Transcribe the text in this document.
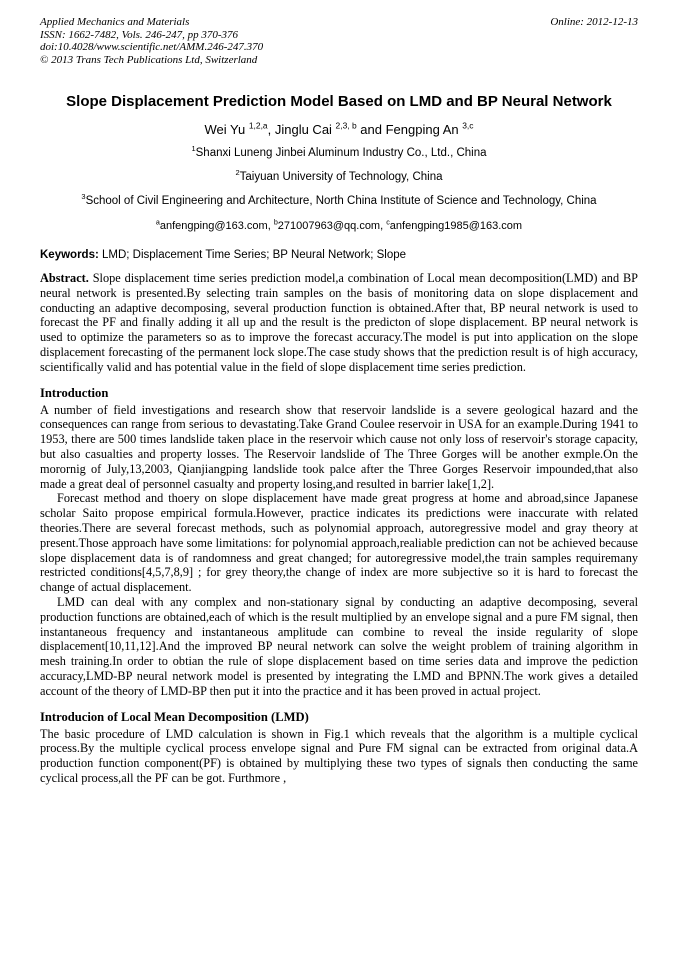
Applied Mechanics and Materials	Online: 2012-12-13
ISSN: 1662-7482, Vols. 246-247, pp 370-376
doi:10.4028/www.scientific.net/AMM.246-247.370
© 2013 Trans Tech Publications Ltd, Switzerland
Slope Displacement Prediction Model Based on LMD and BP Neural Network
Wei Yu $^{1,2,a}$, Jinglu Cai $^{2,3, b}$ and Fengping An $^{3,c}$
$^1$Shanxi Luneng Jinbei Aluminum Industry Co., Ltd., China
$^2$Taiyuan University of Technology, China
$^3$School of Civil Engineering and Architecture, North China Institute of Science and Technology, China
$^a$anfengping@163.com, $^b$271007963@qq.com, $^c$anfengping1985@163.com
Keywords: LMD; Displacement Time Series; BP Neural Network; Slope

Abstract. Slope displacement time series prediction model,a combination of Local mean decomposition(LMD) and BP neural network is presented.By selecting train samples on the basis of monitoring data on slope displacement and conducting an adaptive decomposing, several production function is obtained.After that, BP neural network is used to forecast the PF and finally adding it all up and the result is the predicton of slope displacement. BP neural network is used to optimize the parameters so as to improve the forecast accuracy.The model is put into application on the slope displacement forecasting of the permanent lock slope.The case study shows that the prediction result is of high accuracy, scientifically valid and has potential value in the field of slope displacement time series prediction.

Introduction

A number of field investigations and research show that reservoir landslide is a severe geological hazard and the consequences can range from serious to devastating.Take Grand Coulee reservoir in USA for an example.During 1941 to 1953, there are 500 times landslide taken place in the reservoir which cause not only loss of reservoir's storage capacity, but also casualties and property losses. The Reservoir landslide of The Three Gorges will be another exmple.On the morornig of July,13,2003, Qianjiangping landslide took palce after the Three Gorges Reservoir impounded,that also made a great deal of personnel casualty and property losing,and resulted in barrier lake[1,2].

Forecast method and thoery on slope displacement have made great progress at home and abroad,since Japanese scholar Saito propose empirical formula.However, practice indicates its predictions were inaccurate with related theories.There are several forecast methods, such as polynomial approach, autoregressive model and gray theory at present.Those approach have some limitations: for polynomial approach,realiable prediction can not be achieved because slope displacement data is of randomness and great changed; for autoregressive model,the train samples requiremany restricted conditions[4,5,7,8,9] ; for grey theory,the change of index are more subjective so it is hard to forecast the change of actual displacement.

LMD can deal with any complex and non-stationary signal by conducting an adaptive decomposing, several production functions are obtained,each of which is the result multiplied by an envelope signal and a pure FM signal, then instantaneous frequency and instantaneous amplitude can combine to reveal the inside regularity of slope displacement[10,11,12].And the improved BP neural network can solve the weight problem of training algorithm in mesh training.In order to obtian the rule of slope displacement based on time series data and improve the pediction accuracy,LMD-BP neural network model is presented by integrating the LMD and BPNN.The work gives a detailed account of the theory of LMD-BP then put it into the practice and it has been proved in actual project.

Introducion of Local Mean Decomposition (LMD)

The basic procedure of LMD calculation is shown in Fig.1 which reveals that the algorithm is a multiple cyclical process.By the multiple cyclical process envelope signal and Pure FM signal can be extracted from original data.A production function component(PF) is obtained by multiplying these two types of signals then conducting the same cyclical process,all the PF can be got. Furthmore ,
